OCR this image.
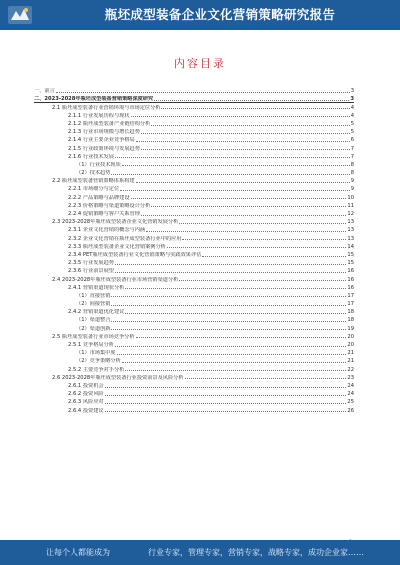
瓶坯成型装备企业文化营销策略研究报告
内容目录
一、前言	3
二、2023-2028年瓶坯成型装备营销策略深度研究	3
2.1 瓶坯成型装备行业营销环境与市场定位分析	4
2.1.1 行业发展历程与现状	4
2.1.2 瓶坯成型装备产业链结构分析	5
2.1.3 行业市场规模与增长趋势	5
2.1.4 行业主要企业竞争格局	6
2.1.5 行业政策环境与发展趋势	7
2.1.6 行业技术发展	7
（1）行业技术现状	8
（2）技术趋势	8
2.2 瓶坯成型装备营销策略体系构建	9
2.2.1 市场细分与定位	9
2.2.2 产品策略与品牌建设	10
2.2.3 价格策略与渠道策略设计分析	11
2.2.4 促销策略与客户关系管理	12
2.3 2023-2028年瓶坯成型装备企业文化营销发展分析	13
2.3.1 企业文化营销的概念与内涵	13
2.3.2 企业文化营销在瓶坯成型装备行业中的应用	13
2.3.3 瓶坯成型装备企业文化营销案例分析	14
2.3.4 PET瓶坯成型装备行业文化营销策略与实践效果评估	15
2.3.5 行业发展趋势	15
2.3.6 行业前景展望	16
2.4 2023-2028年瓶坯成型装备行业市场营销渠道分析	16
2.4.1 营销渠道现状分析	16
（1）直接营销	17
（2）间接营销	17
2.4.2 营销渠道优化建议	18
（1）渠道整合	18
（2）渠道创新	19
2.5 瓶坯成型装备行业市场竞争分析	20
2.5.1 竞争格局分析	20
（1）市场集中度	21
（2）竞争策略分析	21
2.5.2 主要竞争对手分析	22
2.6 2023-2028年瓶坯成型装备行业投资前景及风险分析	23
2.6.1 投资机会	24
2.6.2 投资风险	24
2.6.3 风险应对	25
2.6.4 投资建议	26
让每个人都能成为	行业专家，管理专家，营销专家，战略专家，成功企业家……
